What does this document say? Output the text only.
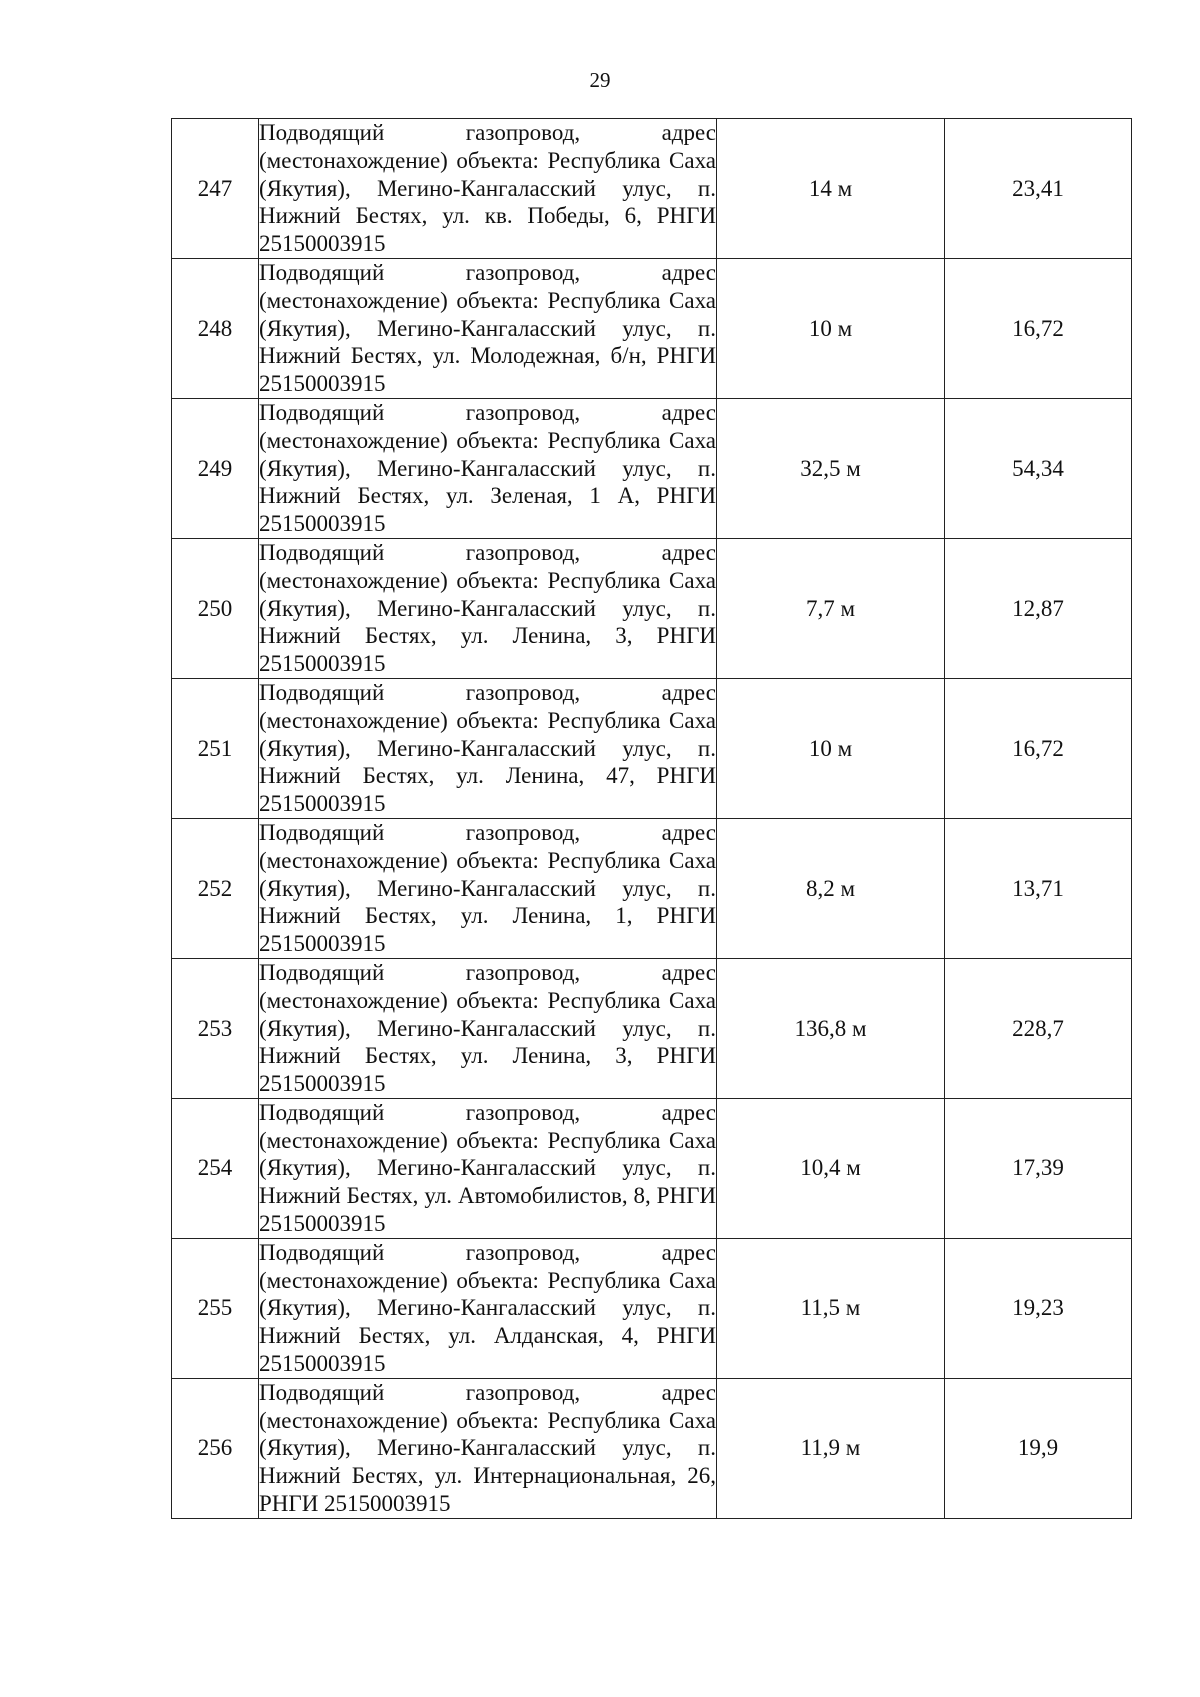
29
247	Подводящий газопровод, адрес (местонахождение) объекта: Республика Саха (Якутия), Мегино-Кангаласский улус, п. Нижний Бестях, ул. кв. Победы, 6, РНГИ 25150003915	14 м	23,41
248	Подводящий газопровод, адрес (местонахождение) объекта: Республика Саха (Якутия), Мегино-Кангаласский улус, п. Нижний Бестях, ул. Молодежная, б/н, РНГИ 25150003915	10 м	16,72
249	Подводящий газопровод, адрес (местонахождение) объекта: Республика Саха (Якутия), Мегино-Кангаласский улус, п. Нижний Бестях, ул. Зеленая, 1 А, РНГИ 25150003915	32,5 м	54,34
250	Подводящий газопровод, адрес (местонахождение) объекта: Республика Саха (Якутия), Мегино-Кангаласский улус, п. Нижний Бестях, ул. Ленина, 3, РНГИ 25150003915	7,7 м	12,87
251	Подводящий газопровод, адрес (местонахождение) объекта: Республика Саха (Якутия), Мегино-Кангаласский улус, п. Нижний Бестях, ул. Ленина, 47, РНГИ 25150003915	10 м	16,72
252	Подводящий газопровод, адрес (местонахождение) объекта: Республика Саха (Якутия), Мегино-Кангаласский улус, п. Нижний Бестях, ул. Ленина, 1, РНГИ 25150003915	8,2 м	13,71
253	Подводящий газопровод, адрес (местонахождение) объекта: Республика Саха (Якутия), Мегино-Кангаласский улус, п. Нижний Бестях, ул. Ленина, 3, РНГИ 25150003915	136,8 м	228,7
254	Подводящий газопровод, адрес (местонахождение) объекта: Республика Саха (Якутия), Мегино-Кангаласский улус, п. Нижний Бестях, ул. Автомобилистов, 8, РНГИ 25150003915	10,4 м	17,39
255	Подводящий газопровод, адрес (местонахождение) объекта: Республика Саха (Якутия), Мегино-Кангаласский улус, п. Нижний Бестях, ул. Алданская, 4, РНГИ 25150003915	11,5 м	19,23
256	Подводящий газопровод, адрес (местонахождение) объекта: Республика Саха (Якутия), Мегино-Кангаласский улус, п. Нижний Бестях, ул. Интернациональная, 26, РНГИ 25150003915	11,9 м	19,9
